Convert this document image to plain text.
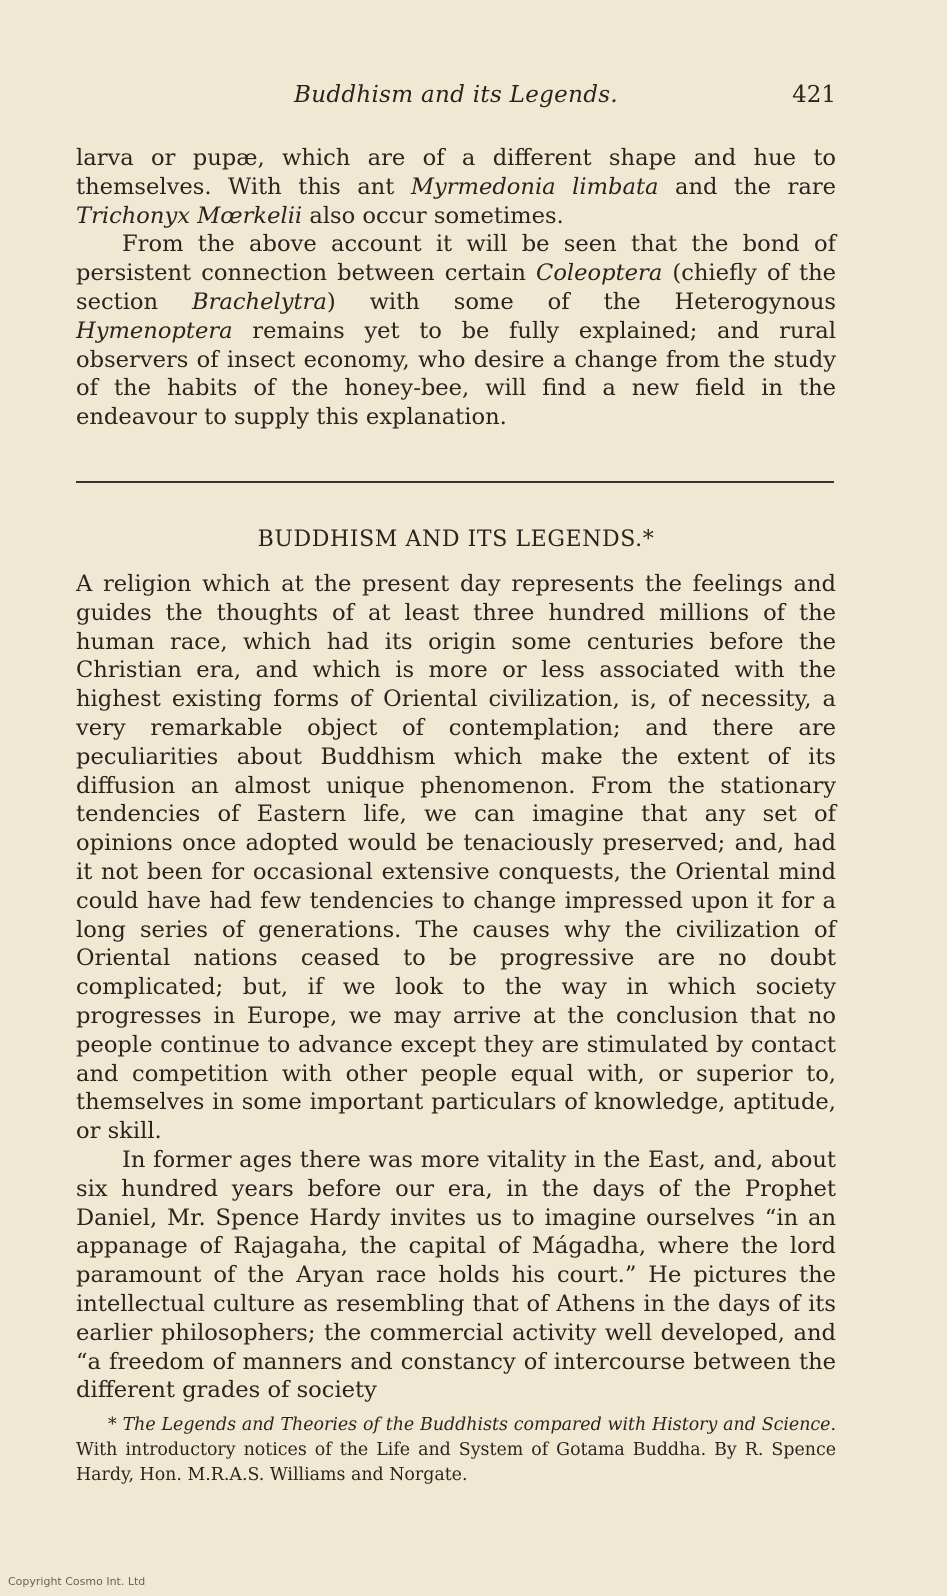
Buddhism and its Legends.	421

larva or pupæ, which are of a different shape and hue to themselves. With this ant Myrmedonia limbata and the rare Trichonyx Mœrkelii also occur sometimes.

From the above account it will be seen that the bond of persistent connection between certain Coleoptera (chiefly of the section Brachelytra) with some of the Heterogynous Hymenoptera remains yet to be fully explained; and rural observers of insect economy, who desire a change from the study of the habits of the honey-bee, will find a new field in the endeavour to supply this explanation.

BUDDHISM AND ITS LEGENDS.*

A religion which at the present day represents the feelings and guides the thoughts of at least three hundred millions of the human race, which had its origin some centuries before the Christian era, and which is more or less associated with the highest existing forms of Oriental civilization, is, of necessity, a very remarkable object of contemplation; and there are peculiarities about Buddhism which make the extent of its diffusion an almost unique phenomenon. From the stationary tendencies of Eastern life, we can imagine that any set of opinions once adopted would be tenaciously preserved; and, had it not been for occasional extensive conquests, the Oriental mind could have had few tendencies to change impressed upon it for a long series of generations. The causes why the civilization of Oriental nations ceased to be progressive are no doubt complicated; but, if we look to the way in which society progresses in Europe, we may arrive at the conclusion that no people continue to advance except they are stimulated by contact and competition with other people equal with, or superior to, themselves in some important particulars of knowledge, aptitude, or skill.

In former ages there was more vitality in the East, and, about six hundred years before our era, in the days of the Prophet Daniel, Mr. Spence Hardy invites us to imagine ourselves “in an appanage of Rajagaha, the capital of Mágadha, where the lord paramount of the Aryan race holds his court.” He pictures the intellectual culture as resembling that of Athens in the days of its earlier philosophers; the commercial activity well developed, and “a freedom of manners and constancy of intercourse between the different grades of society

* The Legends and Theories of the Buddhists compared with History and Science. With introductory notices of the Life and System of Gotama Buddha. By R. Spence Hardy, Hon. M.R.A.S. Williams and Norgate.

Copyright Cosmo Int. Ltd
